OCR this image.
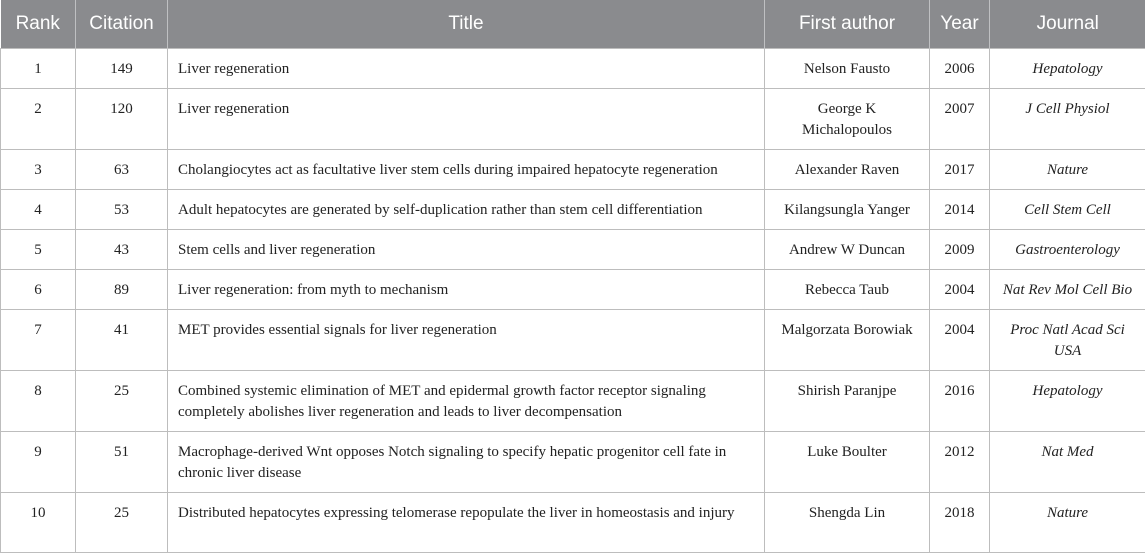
Rank	Citation	Title	First author	Year	Journal
1	149	Liver regeneration	Nelson Fausto	2006	Hepatology
2	120	Liver regeneration	George K Michalopoulos	2007	J Cell Physiol
3	63	Cholangiocytes act as facultative liver stem cells during impaired hepatocyte regeneration	Alexander Raven	2017	Nature
4	53	Adult hepatocytes are generated by self-duplication rather than stem cell differentiation	Kilangsungla Yanger	2014	Cell Stem Cell
5	43	Stem cells and liver regeneration	Andrew W Duncan	2009	Gastroenterology
6	89	Liver regeneration: from myth to mechanism	Rebecca Taub	2004	Nat Rev Mol Cell Bio
7	41	MET provides essential signals for liver regeneration	Malgorzata Borowiak	2004	Proc Natl Acad Sci USA
8	25	Combined systemic elimination of MET and epidermal growth factor receptor signaling completely abolishes liver regeneration and leads to liver decompensation	Shirish Paranjpe	2016	Hepatology
9	51	Macrophage-derived Wnt opposes Notch signaling to specify hepatic progenitor cell fate in chronic liver disease	Luke Boulter	2012	Nat Med
10	25	Distributed hepatocytes expressing telomerase repopulate the liver in homeostasis and injury	Shengda Lin	2018	Nature
